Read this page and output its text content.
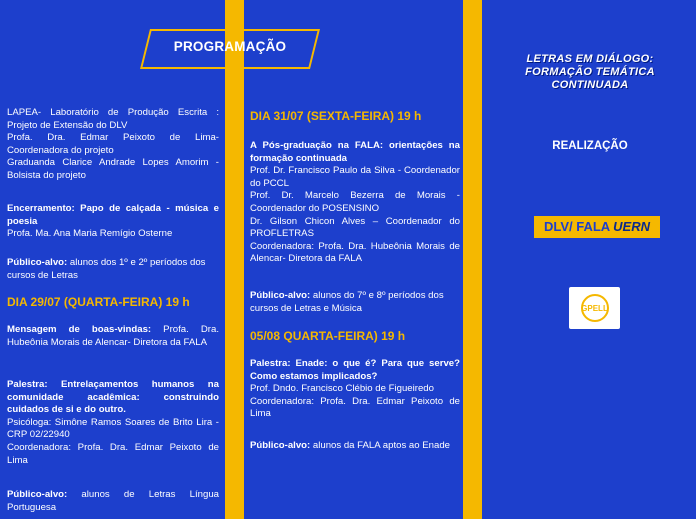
PROGRAMAÇÃO
LAPEA- Laboratório de Produção Escrita : Projeto de Extensão do DLV
Profa. Dra. Edmar Peixoto de Lima- Coordenadora do projeto
Graduanda Clarice Andrade Lopes Amorim - Bolsista do projeto
Encerramento: Papo de calçada - música e poesia
Profa. Ma. Ana Maria Remígio Osterne
Público-alvo: alunos dos 1º e 2º períodos dos cursos de Letras
DIA 29/07 (QUARTA-FEIRA) 19 h
Mensagem de boas-vindas: Profa. Dra. Hubeônia Morais de Alencar- Diretora da FALA
Palestra: Entrelaçamentos humanos na comunidade acadêmica: construindo cuidados de si e do outro.
Psicóloga: Simône Ramos Soares de Brito Lira - CRP 02/22940
Coordenadora: Profa. Dra. Edmar Peixoto de Lima
Público-alvo: alunos de Letras Língua Portuguesa
DIA 31/07 (SEXTA-FEIRA) 19 h
A Pós-graduação na FALA: orientações na formação continuada
Prof. Dr. Francisco Paulo da Silva - Coordenador do PCCL
Prof. Dr. Marcelo Bezerra de Morais - Coordenador do POSENSINO
Dr. Gilson Chicon Alves – Coordenador do PROFLETRAS
Coordenadora: Profa. Dra. Hubeônia Morais de Alencar- Diretora da FALA
Público-alvo: alunos do 7º e 8º períodos dos cursos de Letras e Música
05/08 QUARTA-FEIRA) 19 h
Palestra: Enade: o que é? Para que serve? Como estamos implicados?
Prof. Dndo. Francisco Clébio de Figueiredo
Coordenadora: Profa. Dra. Edmar Peixoto de Lima
Público-alvo: alunos da FALA aptos ao Enade
LETRAS EM DIÁLOGO:
FORMAÇÃO TEMÁTICA
CONTINUADA
REALIZAÇÃO
DLV/ FALA UERN
GPELL
